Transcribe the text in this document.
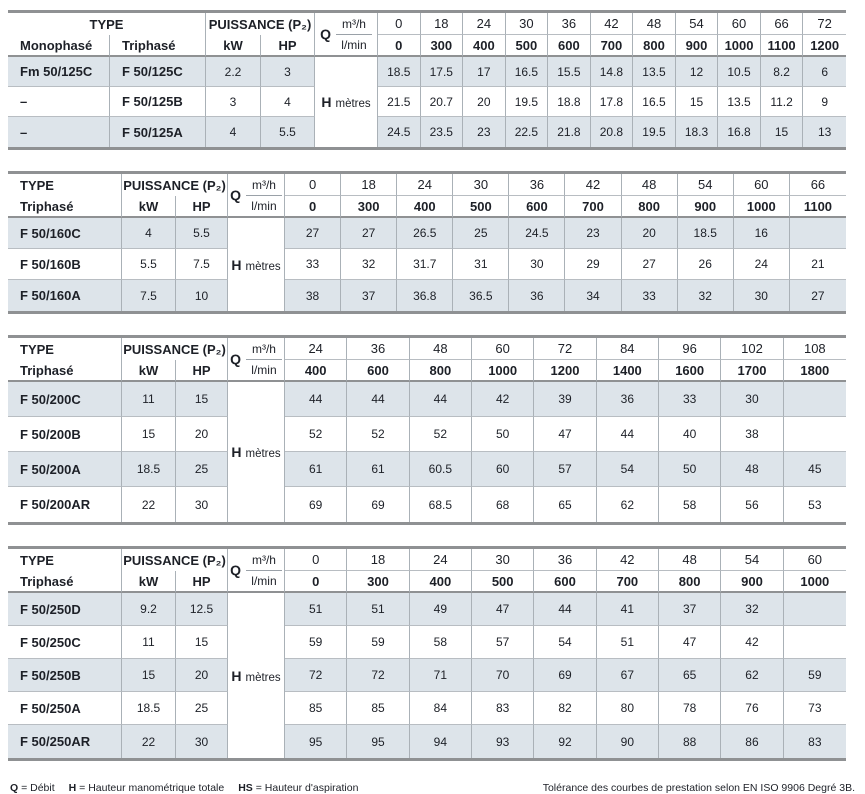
TYPE		PUISSANCE (P₂)		Q
m³/h
l/min	0	18	24	30	36	42	48	54	60	66	72
Monophasé	Triphasé	kW	HP		0	300	400	500	600	700	800	900	1000	1100	1200
Fm 50/125C	F 50/125C	2.2	3	H mètres	18.5	17.5	17	16.5	15.5	14.8	13.5	12	10.5	8.2	6
–	F 50/125B	3	4		21.5	20.7	20	19.5	18.8	17.8	16.5	15	13.5	11.2	9
–	F 50/125A	4	5.5		24.5	23.5	23	22.5	21.8	20.8	19.5	18.3	16.8	15	13
TYPE	PUISSANCE (P₂)		Q
m³/h
l/min	0	18	24	30	36	42	48	54	60	66
Triphasé	kW	HP		0	300	400	500	600	700	800	900	1000	1100
F 50/160C	4	5.5	H mètres	27	27	26.5	25	24.5	23	20	18.5	16	
F 50/160B	5.5	7.5		33	32	31.7	31	30	29	27	26	24	21
F 50/160A	7.5	10		38	37	36.8	36.5	36	34	33	32	30	27
TYPE	PUISSANCE (P₂)		Q
m³/h
l/min	24	36	48	60	72	84	96	102	108
Triphasé	kW	HP		400	600	800	1000	1200	1400	1600	1700	1800
F 50/200C	11	15	H mètres	44	44	44	42	39	36	33	30	
F 50/200B	15	20		52	52	52	50	47	44	40	38	
F 50/200A	18.5	25		61	61	60.5	60	57	54	50	48	45
F 50/200AR	22	30		69	69	68.5	68	65	62	58	56	53
TYPE	PUISSANCE (P₂)		Q
m³/h
l/min	0	18	24	30	36	42	48	54	60
Triphasé	kW	HP		0	300	400	500	600	700	800	900	1000
F 50/250D	9.2	12.5	H mètres	51	51	49	47	44	41	37	32	
F 50/250C	11	15		59	59	58	57	54	51	47	42	
F 50/250B	15	20		72	72	71	70	69	67	65	62	59
F 50/250A	18.5	25		85	85	84	83	82	80	78	76	73
F 50/250AR	22	30		95	95	94	93	92	90	88	86	83
Q = Débit H = Hauteur manométrique totale HS = Hauteur d'aspiration	Tolérance des courbes de prestation selon EN ISO 9906 Degré 3B.
